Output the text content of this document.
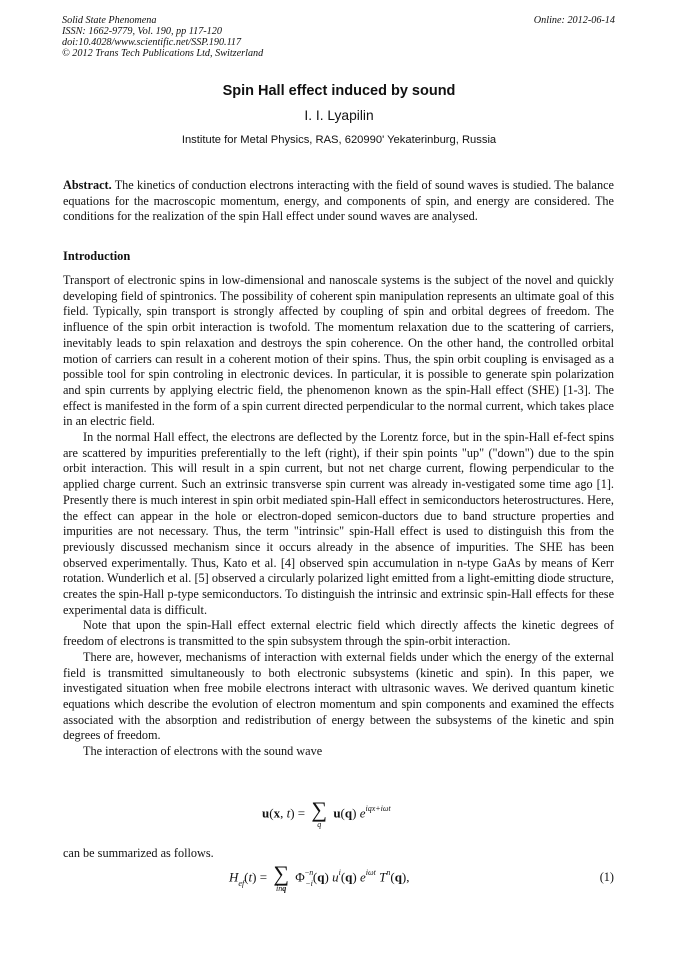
Solid State Phenomena
ISSN: 1662-9779, Vol. 190, pp 117-120
doi:10.4028/www.scientific.net/SSP.190.117
© 2012 Trans Tech Publications Ltd, Switzerland
Online: 2012-06-14
Spin Hall effect induced by sound
I. I. Lyapilin
Institute for Metal Physics, RAS, 620990' Yekaterinburg, Russia
Abstract. The kinetics of conduction electrons interacting with the field of sound waves is studied. The balance equations for the macroscopic momentum, energy, and components of spin, and energy are considered. The conditions for the realization of the spin Hall effect under sound waves are analysed.
Introduction

Transport of electronic spins in low-dimensional and nanoscale systems is the subject of the novel and quickly developing field of spintronics. The possibility of coherent spin manipulation represents an ultimate goal of this field. Typically, spin transport is strongly affected by coupling of spin and orbital degrees of freedom. The influence of the spin orbit interaction is twofold. The momentum relaxation due to the scattering of carriers, inevitably leads to spin relaxation and destroys the spin coherence. On the other hand, the controlled orbital motion of carriers can result in a coherent motion of their spins. Thus, the spin orbit coupling is envisaged as a possible tool for spin controling in electronic devices. In particular, it is possible to generate spin polarization and spin currents by applying electric field, the phenomenon known as the spin-Hall effect (SHE) [1-3]. The effect is manifested in the form of a spin current directed perpendicular to the normal current, which takes place in an electric field.

In the normal Hall effect, the electrons are deflected by the Lorentz force, but in the spin-Hall ef-fect spins are scattered by impurities preferentially to the left (right), if their spin points "up" ("down") due to the spin orbit interaction. This will result in a spin current, but not net charge current, flowing perpendicular to the applied charge current. Such an extrinsic transverse spin current was already in-vestigated some time ago [1]. Presently there is much interest in spin orbit mediated spin-Hall effect in semiconductors heterostructures. Here, the effect can appear in the hole or electron-doped semicon-ductors due to band structure properties and impurities are not necessary. Thus, the term "intrinsic" spin-Hall effect is used to distinguish this from the previously discussed mechanism since it occurs already in the absence of impurities. The SHE has been observed experimentally. Thus, Kato et al. [4] observed spin accumulation in n-type GaAs by means of Kerr rotation. Wunderlich et al. [5] observed a circularly polarized light emitted from a light-emitting diode structure, creates the spin-Hall p-type semiconductors. To distinguish the intrinsic and extrinsic spin-Hall effects for these experimental data is difficult.

Note that upon the spin-Hall effect external electric field which directly affects the kinetic degrees of freedom of electrons is transmitted to the spin subsystem through the spin-orbit interaction.

There are, however, mechanisms of interaction with external fields under which the energy of the external field is transmitted simultaneously to both electronic subsystems (kinetic and spin). In this paper, we investigated situation when free mobile electrons interact with ultrasonic waves. We derived quantum kinetic equations which describe the evolution of electron momentum and spin components and examined the effects associated with the absorption and redistribution of energy between the subsystems of the kinetic and spin degrees of freedom.

The interaction of electrons with the sound wave

u(x, t) = ∑
q
u(q) $e^{iqx+i\omega t}$
can be summarized as follows.
$H_{ef}(t)$ = ∑
inq
$\Phi^{-n}_{-i}(q)$ $u^i(q)$ $e^{i\omega t}$ $T^n(q)$,	(1)
